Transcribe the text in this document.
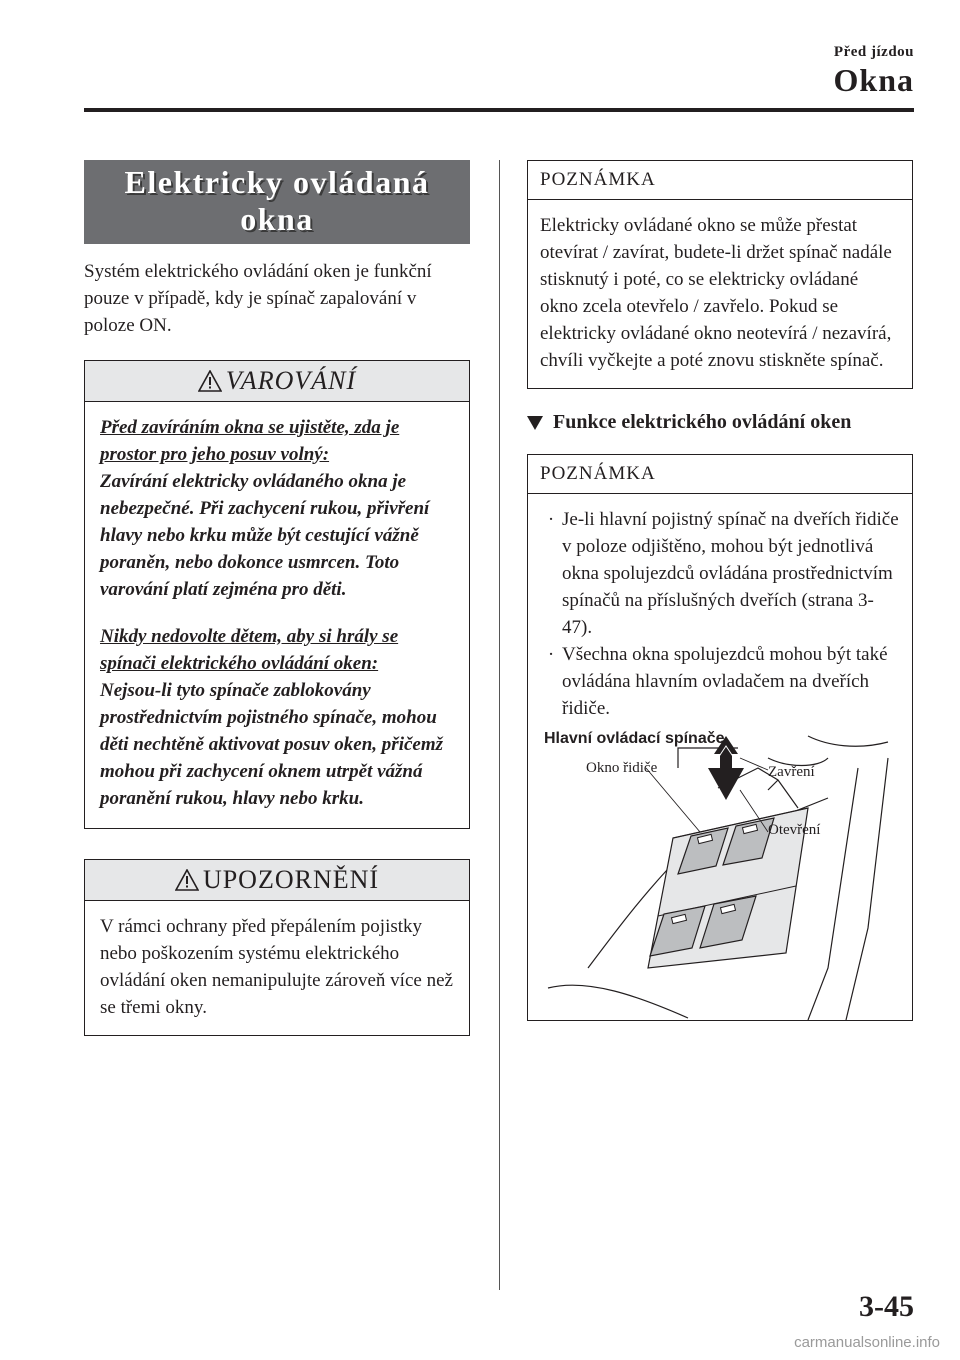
Před jízdou
Okna
Elektricky ovládaná okna
Systém elektrického ovládání oken je funkční pouze v případě, kdy je spínač zapalování v poloze ON.
VAROVÁNÍ

Před zavíráním okna se ujistěte, zda je prostor pro jeho posuv volný:

Zavírání elektricky ovládaného okna je nebezpečné. Při zachycení rukou, přivření hlavy nebo krku může být cestující vážně poraněn, nebo dokonce usmrcen. Toto varování platí zejména pro děti.

Nikdy nedovolte dětem, aby si hrály se spínači elektrického ovládání oken:

Nejsou-li tyto spínače zablokovány prostřednictvím pojistného spínače, mohou děti nechtěně aktivovat posuv oken, přičemž mohou při zachycení oknem utrpět vážná poranění rukou, hlavy nebo krku.

UPOZORNĚNÍ
V rámci ochrany před přepálením pojistky nebo poškozením systému elektrického ovládání oken nemanipulujte zároveň více než se třemi okny.
POZNÁMKA
Elektricky ovládané okno se může přestat otevírat / zavírat, budete-li držet spínač nadále stisknutý i poté, co se elektricky ovládané okno zcela otevřelo / zavřelo. Pokud se elektricky ovládané okno neotevírá / nezavírá, chvíli vyčkejte a poté znovu stiskněte spínač.
Funkce elektrického ovládání oken
POZNÁMKA
· Je-li hlavní pojistný spínač na dveřích řidiče v poloze odjištěno, mohou být jednotlivá okna spolujezdců ovládána prostřednictvím spínačů na příslušných dveřích (strana 3-47).
· Všechna okna spolujezdců mohou být také ovládána hlavním ovladačem na dveřích řidiče.
Hlavní ovládací spínače
Okno řidiče	Zavření
Otevření
3-45
carmanualsonline.info
